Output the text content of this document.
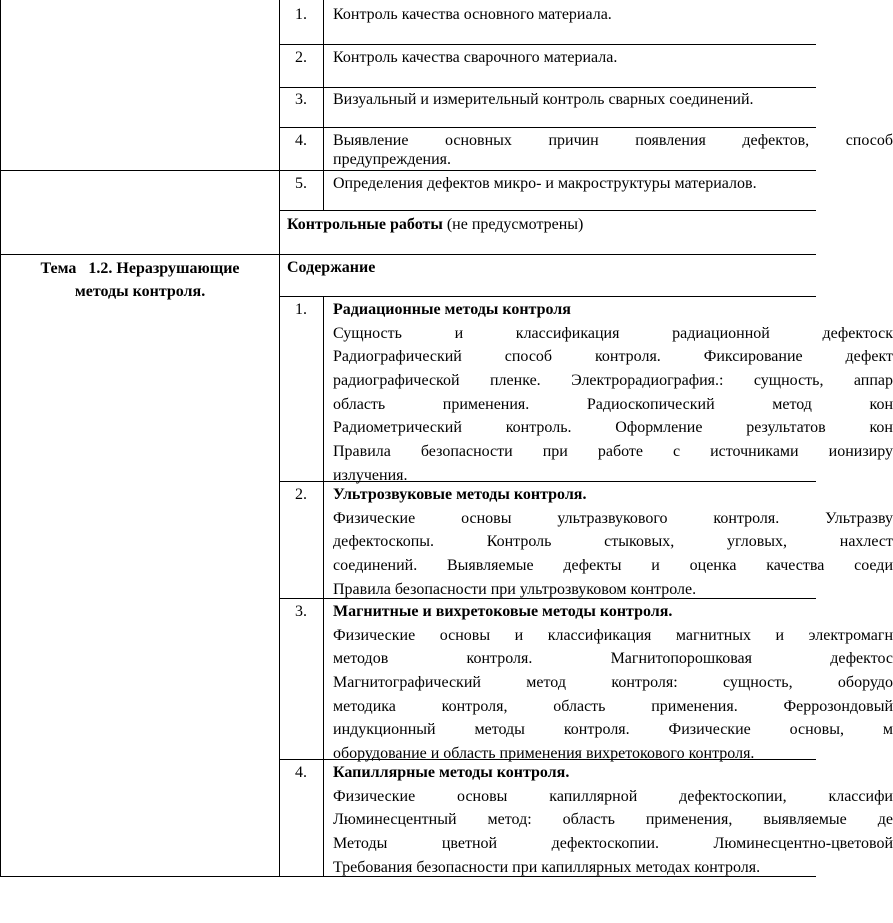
1.	Контроль качества основного материала.
2.	Контроль качества сварочного материала.
3.	Визуальный и измерительный контроль сварных соединений.
4.	Выявление основных причин появления дефектов, способ
предупреждения.
5.	Определения дефектов микро- и макроструктуры материалов.
Контрольные работы (не предусмотрены)
Тема   1.2. Неразрушающие
методы контроля.
Содержание
1.	Радиационные методы контроля
Сущность и классификация радиационной дефектоск
Радиографический способ контроля. Фиксирование дефект
радиографической пленке. Электрорадиография.: сущность, аппар
область применения. Радиоскопический метод кон
Радиометрический контроль. Оформление результатов кон
Правила безопасности при работе с источниками ионизиру
излучения.
2.	Ультрозвуковые методы контроля.
Физические основы ультразвукового контроля. Ультразву
дефектоскопы. Контроль стыковых, угловых, нахлест
соединений. Выявляемые дефекты и оценка качества соеди
Правила безопасности при ультрозвуковом контроле.
3.	Магнитные и вихретоковые методы контроля.
Физические основы и классификация магнитных и электромагн
методов контроля. Магнитопорошковая дефектос
Магнитографический метод контроля: сущность, оборудо
методика контроля, область применения. Феррозондовый
индукционный методы контроля. Физические основы, м
оборудование и область применения вихретокового контроля.
4.	Капиллярные методы контроля.
Физические основы капиллярной дефектоскопии, классифи
Люминесцентный метод: область применения, выявляемые де
Методы цветной дефектоскопии. Люминесцентно-цветовой
Требования безопасности при капиллярных методах контроля.
